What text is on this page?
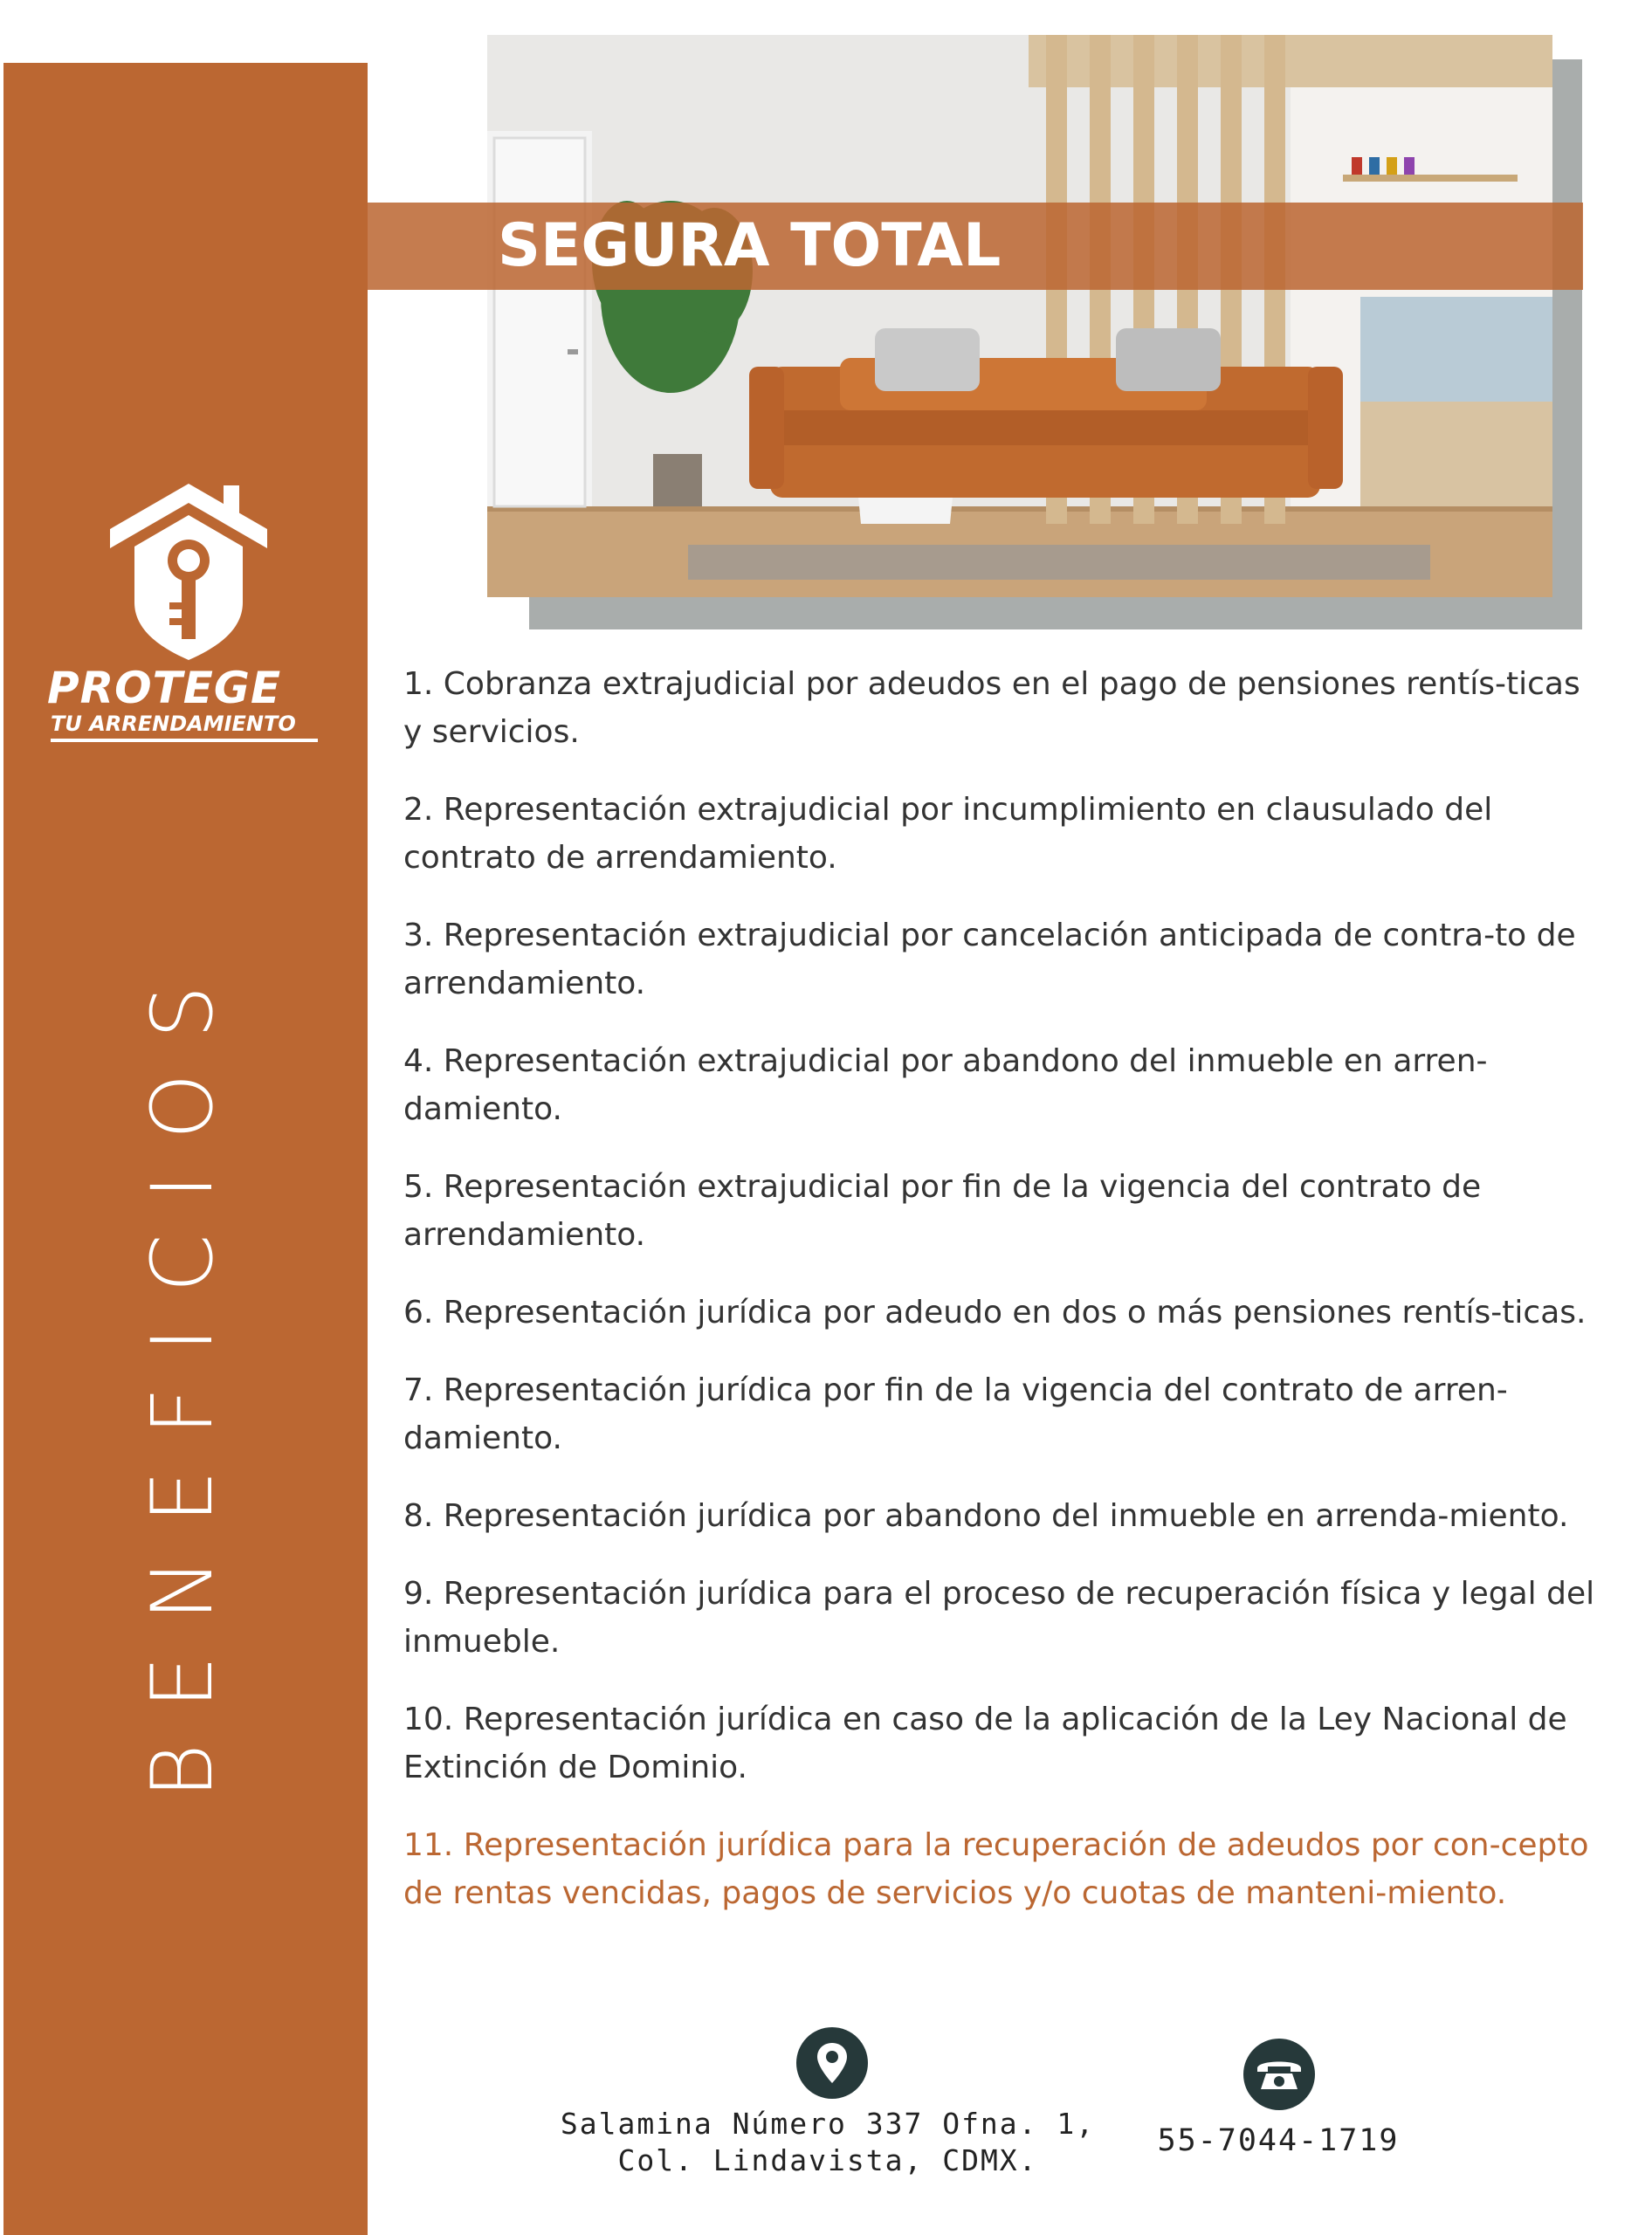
PROTEGE
TU ARRENDAMIENTO
BENEFICIOS
SEGURA TOTAL
1. Cobranza extrajudicial por adeudos en el pago de pensiones rentís-ticas y servicios.
2. Representación extrajudicial por incumplimiento en clausulado del contrato de arrendamiento.
3. Representación extrajudicial por cancelación anticipada de contra-to de arrendamiento.
4. Representación extrajudicial por abandono del inmueble en arren-damiento.
5. Representación extrajudicial por fin de la vigencia del contrato de arrendamiento.
6. Representación jurídica por adeudo en dos o más pensiones rentís-ticas.
7. Representación jurídica por fin de la vigencia del contrato de arren-damiento.
8. Representación jurídica por abandono del inmueble en arrenda-miento.
9. Representación jurídica para el proceso de recuperación física y legal del inmueble.
10. Representación jurídica en caso de la aplicación de la Ley Nacional de Extinción de Dominio.
11. Representación jurídica para la recuperación de adeudos por con-cepto de rentas vencidas, pagos de servicios y/o cuotas de manteni-miento.
Salamina Número 337 Ofna. 1,
Col. Lindavista, CDMX.
55-7044-1719
